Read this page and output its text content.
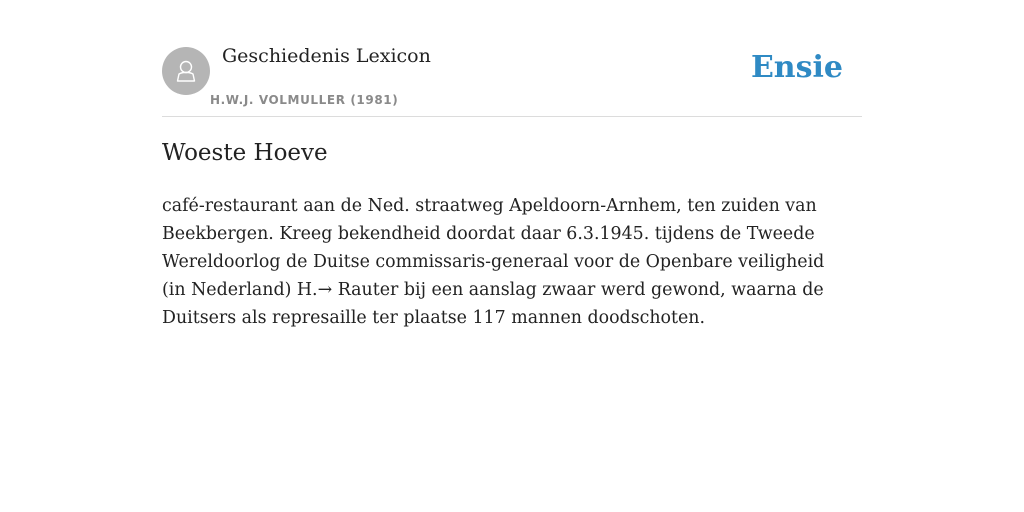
Geschiedenis Lexicon
H.W.J. VOLMULLER (1981)
Ensie
Woeste Hoeve

café-restaurant aan de Ned. straatweg Apeldoorn-Arnhem, ten zuiden van Beekbergen. Kreeg bekendheid doordat daar 6.3.1945. tijdens de Tweede Wereldoorlog de Duitse commissaris-generaal voor de Openbare veiligheid (in Nederland) H.→ Rauter bij een aanslag zwaar werd gewond, waarna de Duitsers als represaille ter plaatse 117 mannen doodschoten.
